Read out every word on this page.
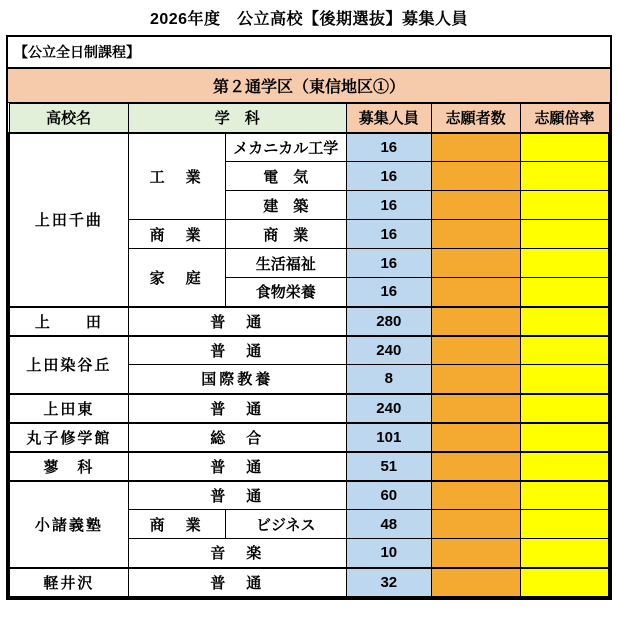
2026年度　公立高校【後期選抜】募集人員
【公立全日制課程】
第２通学区（東信地区①）
高校名	学　科		募集人員	志願者数	志願倍率
上田千曲	工　業	メカニカル工学	16		
		電　気	16		
		建　築	16		
	商　業	商　業	16		
	家　庭	生活福祉	16		
		食物栄養	16		
上　　田	普　通		280		
上田染谷丘	普　通		240		
	国際教養		8		
上田東	普　通		240		
丸子修学館	総　合		101		
蓼　科	普　通		51		
小諸義塾	普　通		60		
	商　業	ビジネス	48		
	音　楽		10		
軽井沢	普　通		32		
